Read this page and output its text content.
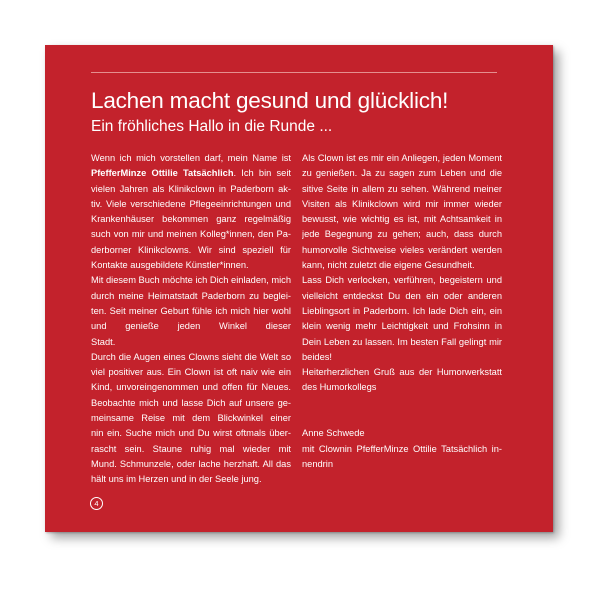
Lachen macht gesund und glücklich!
Ein fröhliches Hallo in die Runde ...
Wenn ich mich vorstellen darf, mein Name ist
PfefferMinze Ottilie Tatsächlich. Ich bin seit
vielen Jahren als Klinikclown in Paderborn ak-
tiv. Viele verschiedene Pflegeeinrichtungen und
Krankenhäuser bekommen ganz regelmäßig
such von mir und meinen Kolleg*innen, den Pa-
derborner Klinikclowns. Wir sind speziell für
Kontakte ausgebildete Künstler*innen.
Mit diesem Buch möchte ich Dich einladen, mich
durch meine Heimatstadt Paderborn zu beglei-
ten. Seit meiner Geburt fühle ich mich hier wohl
und genieße jeden Winkel dieser
Stadt.
Durch die Augen eines Clowns sieht die Welt so
viel positiver aus. Ein Clown ist oft naiv wie ein
Kind, unvoreingenommen und offen für Neues.
Beobachte mich und lasse Dich auf unsere ge-
meinsame Reise mit dem Blickwinkel einer
nin ein. Suche mich und Du wirst oftmals über-
rascht sein. Staune ruhig mal wieder mit
Mund. Schmunzele, oder lache herzhaft. All das
hält uns im Herzen und in der Seele jung.
Als Clown ist es mir ein Anliegen, jeden Moment
zu genießen. Ja zu sagen zum Leben und die
sitive Seite in allem zu sehen. Während meiner
Visiten als Klinikclown wird mir immer wieder
bewusst, wie wichtig es ist, mit Achtsamkeit in
jede Begegnung zu gehen; auch, dass durch
humorvolle Sichtweise vieles verändert werden
kann, nicht zuletzt die eigene Gesundheit.
Lass Dich verlocken, verführen, begeistern und
vielleicht entdeckst Du den ein oder anderen
Lieblingsort in Paderborn. Ich lade Dich ein, ein
klein wenig mehr Leichtigkeit und Frohsinn in
Dein Leben zu lassen. Im besten Fall gelingt mir
beides!
Heiterherzlichen Gruß aus der Humorwerkstatt
des Humorkollegs
Anne Schwede
mit Clownin PfefferMinze Ottilie Tatsächlich in-
nendrin
4
